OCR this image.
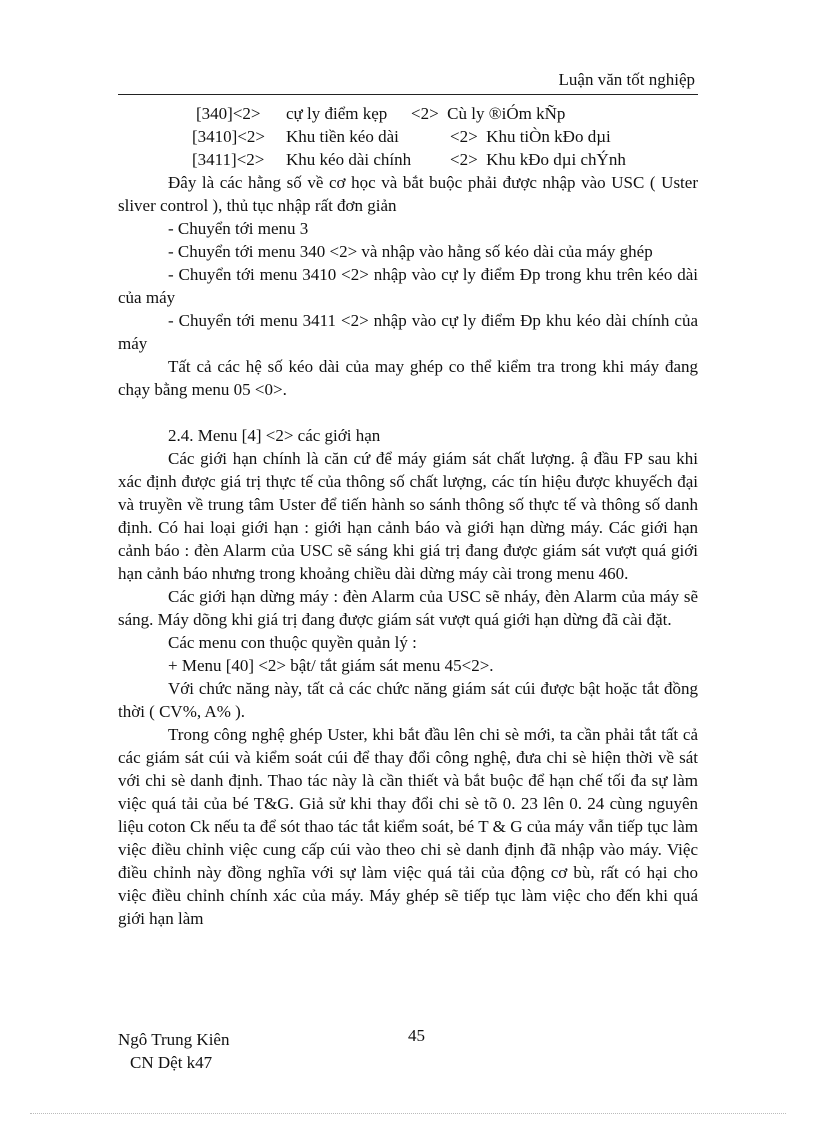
Luận văn tốt nghiệp
[340]<2>	cự ly điểm kẹp	<2>  Cù ly ®iÓm kÑp
[3410]<2>	Khu tiền kéo dài	<2>  Khu tiÒn kÐo dµi
[3411]<2>	Khu kéo dài chính	<2>  Khu kÐo dµi chÝnh

Đây là các hằng số về cơ học và bắt buộc phải được nhập vào USC ( Uster sliver control ), thủ tục nhập rất đơn giản

- Chuyển tới menu 3

- Chuyển tới menu 340 <2> và nhập vào hằng số kéo dài của máy ghép

- Chuyển tới menu 3410 <2> nhập vào cự ly điểm Đp trong khu trên kéo dài của máy

- Chuyển tới menu 3411 <2> nhập vào cự ly điểm Đp khu kéo dài chính của máy

Tất cả các hệ số kéo dài của may ghép co thể kiểm tra trong khi máy đang chạy bằng menu 05 <0>.

2.4. Menu [4] <2> các giới hạn

Các giới hạn chính là căn cứ để máy giám sát chất lượng. ậ đầu FP sau khi xác định được giá trị thực tế của thông số chất lượng, các tín hiệu được khuyếch đại và truyền về trung tâm Uster để tiến hành so sánh thông số thực tế và thông số danh định. Có hai loại giới hạn : giới hạn cảnh báo và giới hạn dừng máy. Các giới hạn cảnh báo : đèn Alarm của USC sẽ sáng khi giá trị đang được giám sát vượt quá giới hạn cảnh báo nhưng trong khoảng chiều dài dừng máy cài trong menu 460.

Các giới hạn dừng máy : đèn Alarm của USC sẽ nháy, đèn Alarm của máy sẽ sáng. Máy dõng khi giá trị đang được giám sát vượt quá giới hạn dừng đã cài đặt.

Các menu con thuộc quyền quản lý :

+ Menu [40] <2> bật/ tắt giám sát menu 45<2>.

Với chức năng này, tất cả các chức năng giám sát cúi được bật hoặc tắt đồng thời ( CV%, A% ).

Trong công nghệ ghép Uster, khi bắt đầu lên chi sè mới, ta cần phải tắt tất cả các giám sát cúi và kiểm soát cúi để thay đổi công nghệ, đưa chi sè hiện thời về sát với chi sè danh định. Thao tác này là cần thiết và bắt buộc để hạn chế tối đa sự làm việc quá tải của bé T&G. Giả sử khi thay đổi chi sè tõ 0. 23 lên 0. 24 cùng nguyên liệu coton Ck nếu ta để sót thao tác tắt kiểm soát, bé T & G của máy vẫn tiếp tục làm việc điều chỉnh việc cung cấp cúi vào theo chi sè danh định đã nhập vào máy. Việc điều chỉnh này đồng nghĩa với sự làm việc quá tải của động cơ bù, rất có hại cho việc điều chỉnh chính xác của máy. Máy ghép sẽ tiếp tục làm việc cho đến khi quá giới hạn làm

45
Ngô Trung Kiên
CN Dệt k47
